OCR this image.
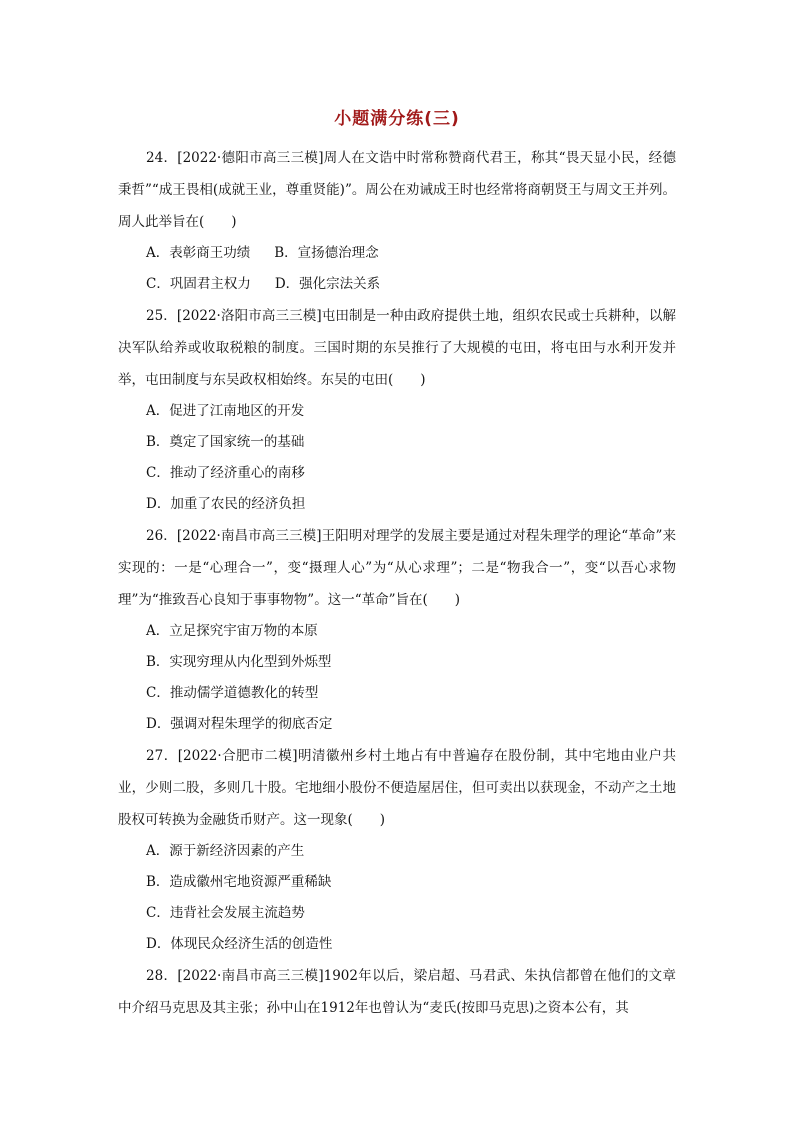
小题满分练(三)

24．[2022·德阳市高三三模]周人在文诰中时常称赞商代君王，称其“畏天显小民，经德秉哲”“成王畏相(成就王业，尊重贤能)”。周公在劝诫成王时也经常将商朝贤王与周文王并列。周人此举旨在(　　)

A．表彰商王功绩 B．宣扬德治理念
C．巩固君主权力 D．强化宗法关系

25．[2022·洛阳市高三三模]屯田制是一种由政府提供土地，组织农民或士兵耕种，以解决军队给养或收取税粮的制度。三国时期的东吴推行了大规模的屯田，将屯田与水利开发并举，屯田制度与东吴政权相始终。东吴的屯田(　　)

A．促进了江南地区的开发
B．奠定了国家统一的基础
C．推动了经济重心的南移
D．加重了农民的经济负担

26．[2022·南昌市高三三模]王阳明对理学的发展主要是通过对程朱理学的理论“革命”来实现的：一是“心理合一”，变“摄理人心”为“从心求理”；二是“物我合一”，变“以吾心求物理”为“推致吾心良知于事事物物”。这一“革命”旨在(　　)

A．立足探究宇宙万物的本原
B．实现穷理从内化型到外烁型
C．推动儒学道德教化的转型
D．强调对程朱理学的彻底否定

27．[2022·合肥市二模]明清徽州乡村土地占有中普遍存在股份制，其中宅地由业户共业，少则二股，多则几十股。宅地细小股份不便造屋居住，但可卖出以获现金，不动产之土地股权可转换为金融货币财产。这一现象(　　)

A．源于新经济因素的产生
B．造成徽州宅地资源严重稀缺
C．违背社会发展主流趋势
D．体现民众经济生活的创造性

28．[2022·南昌市高三三模]1902年以后，梁启超、马君武、朱执信都曾在他们的文章中介绍马克思及其主张；孙中山在1912年也曾认为“麦氏(按即马克思)之资本公有，其
